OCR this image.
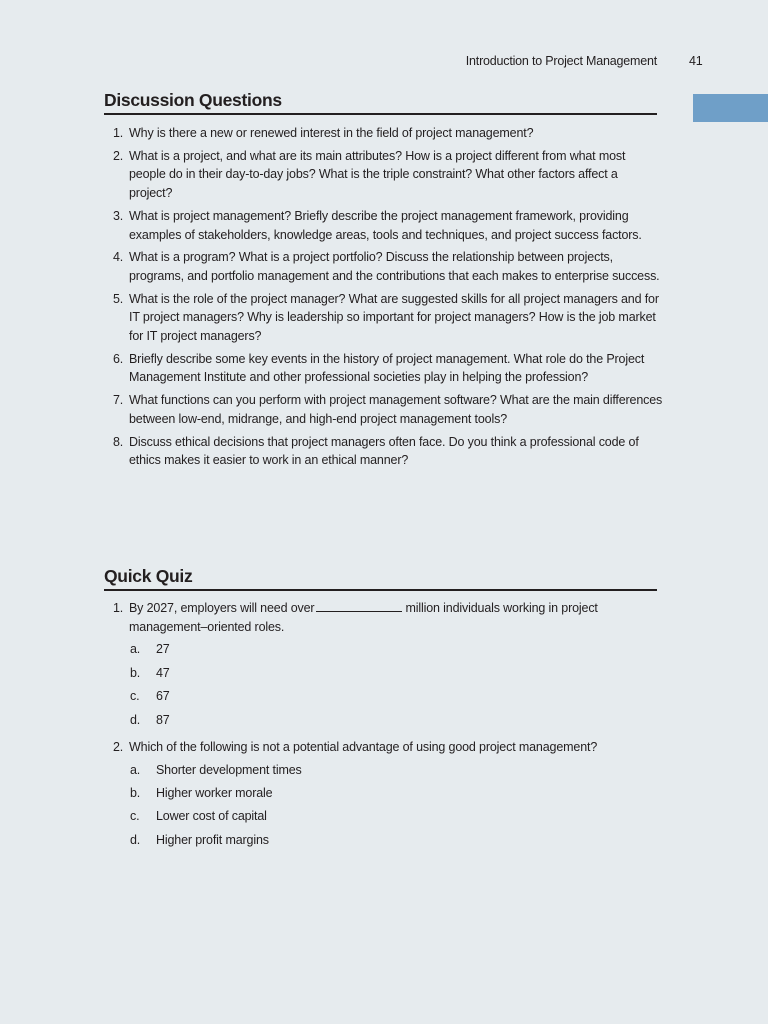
Introduction to Project Management	41
Discussion Questions
1. Why is there a new or renewed interest in the field of project management?
2. What is a project, and what are its main attributes? How is a project different from what most people do in their day-to-day jobs? What is the triple constraint? What other factors affect a project?
3. What is project management? Briefly describe the project management framework, providing examples of stakeholders, knowledge areas, tools and techniques, and project success factors.
4. What is a program? What is a project portfolio? Discuss the relationship between projects, programs, and portfolio management and the contributions that each makes to enterprise success.
5. What is the role of the project manager? What are suggested skills for all project managers and for IT project managers? Why is leadership so important for project managers? How is the job market for IT project managers?
6. Briefly describe some key events in the history of project management. What role do the Project Management Institute and other professional societies play in helping the profession?
7. What functions can you perform with project management software? What are the main differences between low-end, midrange, and high-end project management tools?
8. Discuss ethical decisions that project managers often face. Do you think a professional code of ethics makes it easier to work in an ethical manner?
Quick Quiz
1. By 2027, employers will need over	million individuals working in project management–oriented roles.
a.	27
b.	47
c.	67
d.	87
2. Which of the following is not a potential advantage of using good project management?
a.	Shorter development times
b.	Higher worker morale
c.	Lower cost of capital
d.	Higher profit margins
